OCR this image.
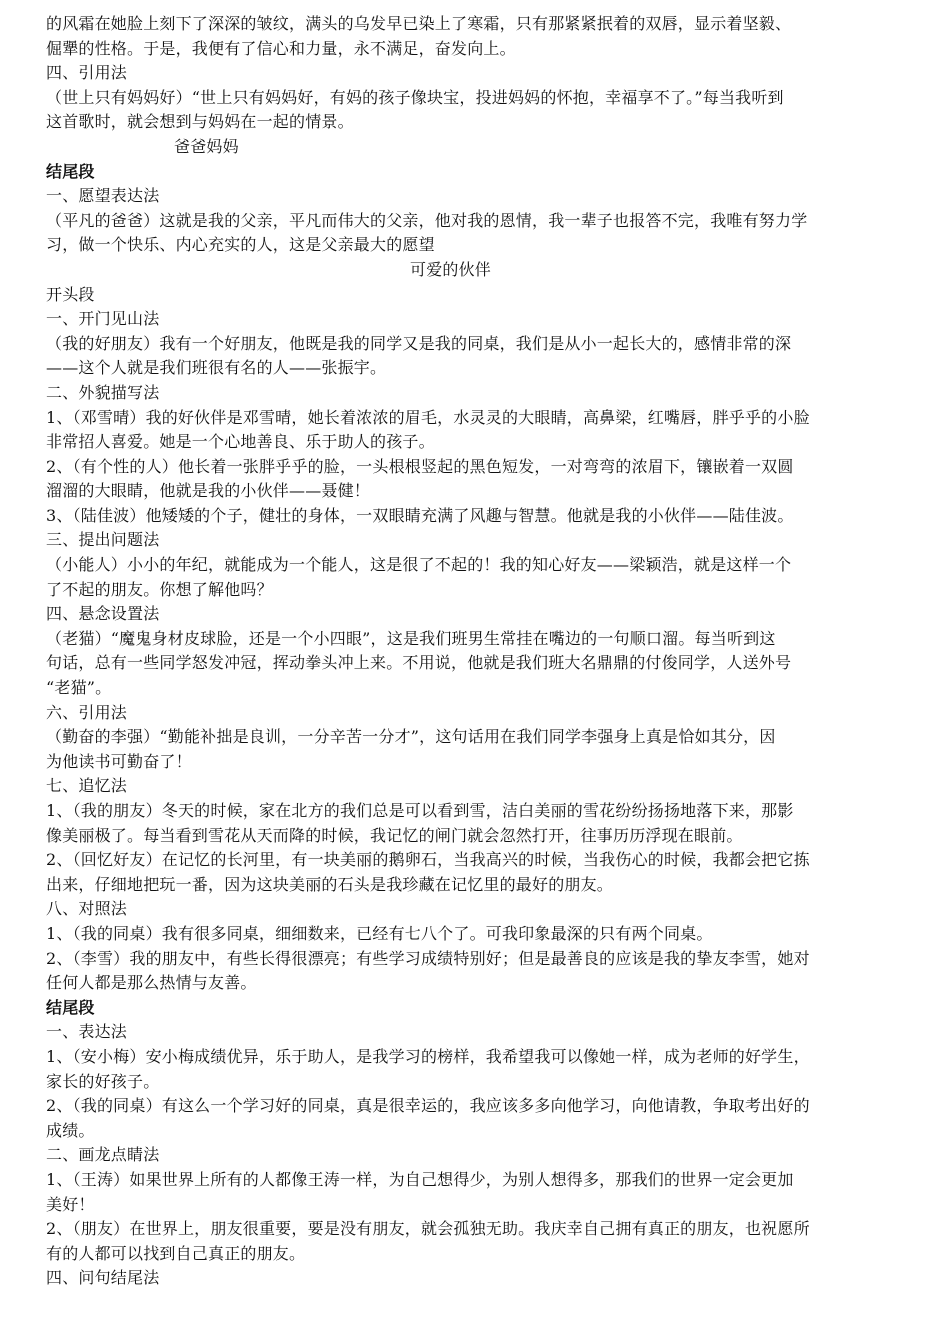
的风霜在她脸上刻下了深深的皱纹，满头的乌发早已染上了寒霜，只有那紧紧抿着的双唇，显示着坚毅、
倔犟的性格。于是，我便有了信心和力量，永不满足，奋发向上。
四、引用法
（世上只有妈妈好）“世上只有妈妈好，有妈的孩子像块宝，投进妈妈的怀抱，幸福享不了。”每当我听到
这首歌时，就会想到与妈妈在一起的情景。
爸爸妈妈
结尾段
一、愿望表达法
（平凡的爸爸）这就是我的父亲，平凡而伟大的父亲，他对我的恩情，我一辈子也报答不完，我唯有努力学
习，做一个快乐、内心充实的人，这是父亲最大的愿望
可爱的伙伴
开头段
一、开门见山法
（我的好朋友）我有一个好朋友，他既是我的同学又是我的同桌，我们是从小一起长大的，感情非常的深
——这个人就是我们班很有名的人——张振宇。
二、外貌描写法
1、（邓雪晴）我的好伙伴是邓雪晴，她长着浓浓的眉毛，水灵灵的大眼睛，高鼻梁，红嘴唇，胖乎乎的小脸
非常招人喜爱。她是一个心地善良、乐于助人的孩子。
2、（有个性的人）他长着一张胖乎乎的脸，一头根根竖起的黑色短发，一对弯弯的浓眉下，镶嵌着一双圆
溜溜的大眼睛，他就是我的小伙伴——聂健！
3、（陆佳波）他矮矮的个子，健壮的身体，一双眼睛充满了风趣与智慧。他就是我的小伙伴——陆佳波。
三、提出问题法
（小能人）小小的年纪，就能成为一个能人，这是很了不起的！我的知心好友——梁颖浩，就是这样一个
了不起的朋友。你想了解他吗？
四、悬念设置法
（老猫）“魔鬼身材皮球脸，还是一个小四眼”，这是我们班男生常挂在嘴边的一句顺口溜。每当听到这
句话，总有一些同学怒发冲冠，挥动拳头冲上来。不用说，他就是我们班大名鼎鼎的付俊同学，人送外号
“老猫”。
六、引用法
（勤奋的李强）“勤能补拙是良训，一分辛苦一分才”，这句话用在我们同学李强身上真是恰如其分，因
为他读书可勤奋了！
七、追忆法
1、（我的朋友）冬天的时候，家在北方的我们总是可以看到雪，洁白美丽的雪花纷纷扬扬地落下来，那影
像美丽极了。每当看到雪花从天而降的时候，我记忆的闸门就会忽然打开，往事历历浮现在眼前。
2、（回忆好友）在记忆的长河里，有一块美丽的鹅卵石，当我高兴的时候，当我伤心的时候，我都会把它拣
出来，仔细地把玩一番，因为这块美丽的石头是我珍藏在记忆里的最好的朋友。
八、对照法
1、（我的同桌）我有很多同桌，细细数来，已经有七八个了。可我印象最深的只有两个同桌。
2、（李雪）我的朋友中，有些长得很漂亮；有些学习成绩特别好；但是最善良的应该是我的挚友李雪，她对
任何人都是那么热情与友善。
结尾段
一、表达法
1、（安小梅）安小梅成绩优异，乐于助人，是我学习的榜样，我希望我可以像她一样，成为老师的好学生，
家长的好孩子。
2、（我的同桌）有这么一个学习好的同桌，真是很幸运的，我应该多多向他学习，向他请教，争取考出好的
成绩。
二、画龙点睛法
1、（王涛）如果世界上所有的人都像王涛一样，为自己想得少，为别人想得多，那我们的世界一定会更加
美好！
2、（朋友）在世界上，朋友很重要，要是没有朋友，就会孤独无助。我庆幸自己拥有真正的朋友，也祝愿所
有的人都可以找到自己真正的朋友。
四、问句结尾法
